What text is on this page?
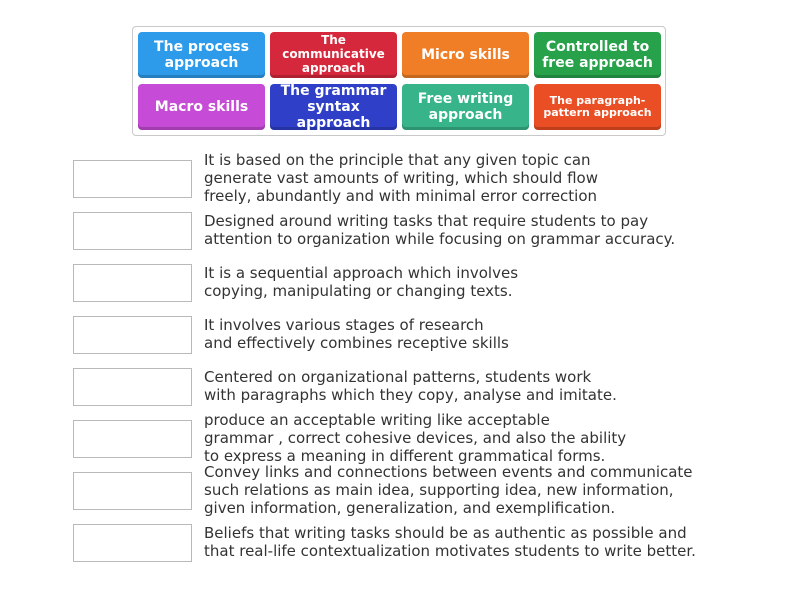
The process approach
The communicative approach
Micro skills
Controlled to free approach
Macro skills
The grammar syntax approach
Free writing approach
The paragraph-pattern approach
It is based on the principle that any given topic can
generate vast amounts of writing, which should flow
freely, abundantly and with minimal error correction
Designed around writing tasks that require students to pay
attention to organization while focusing on grammar accuracy.
It is a sequential approach which involves
copying, manipulating or changing texts.
It involves various stages of research
and effectively combines receptive skills
Centered on organizational patterns, students work
with paragraphs which they copy, analyse and imitate.
produce an acceptable writing like acceptable
grammar , correct cohesive devices, and also the ability
to express a meaning in different grammatical forms.
Convey links and connections between events and communicate
such relations as main idea, supporting idea, new information,
given information, generalization, and exemplification.
Beliefs that writing tasks should be as authentic as possible and
that real-life contextualization motivates students to write better.
